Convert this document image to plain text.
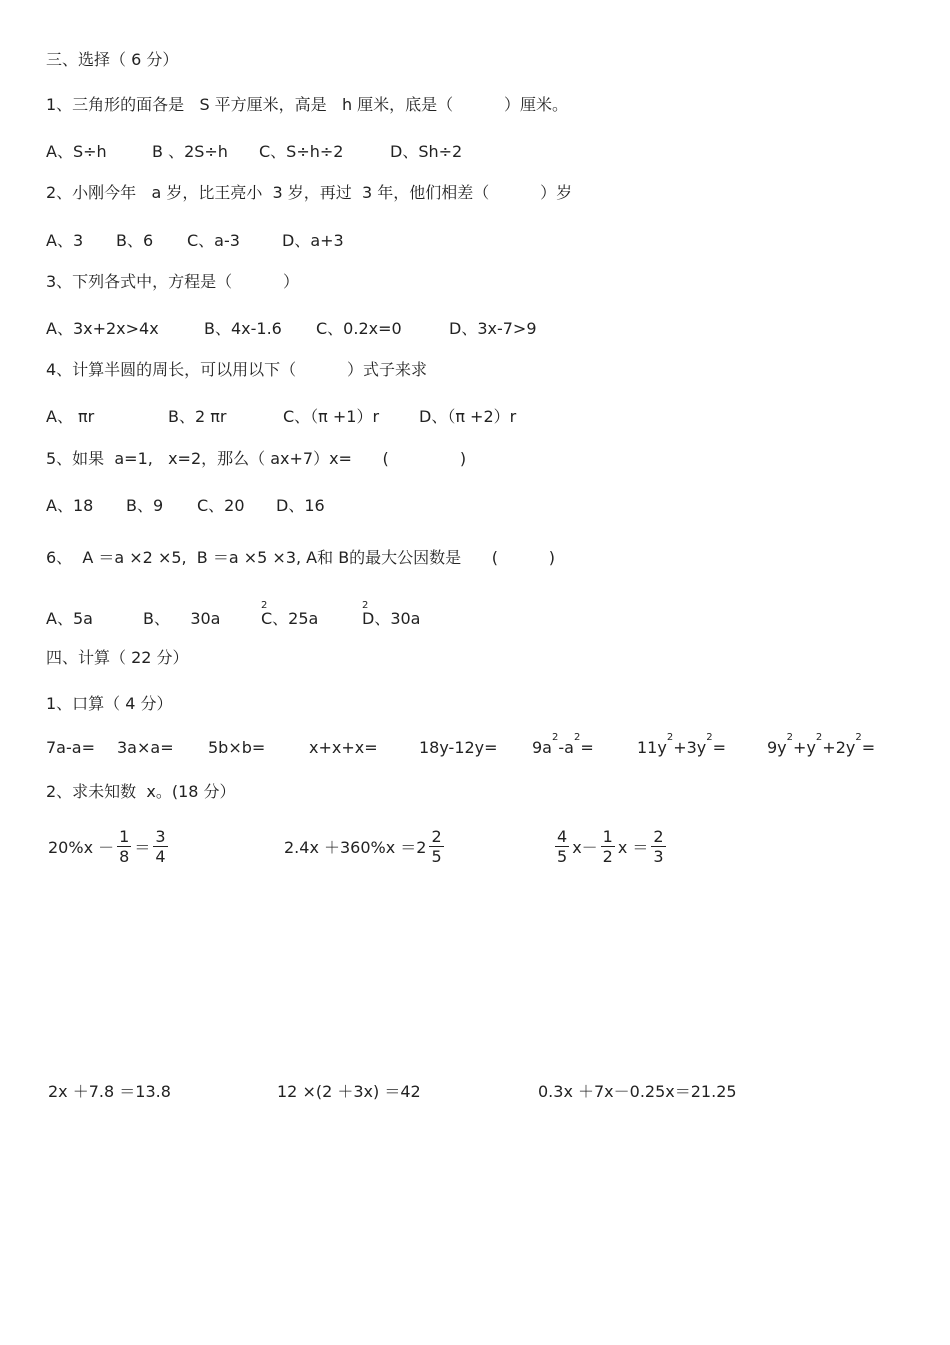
三、选择（ 6 分）
1、三角形的面各是   S 平方厘米，高是   h 厘米，底是（          ）厘米。
A、S÷h	B 、2S÷h C、S÷h÷2	D、Sh÷2
2、小刚今年   a 岁，比王亮小  3 岁，再过  3 年，他们相差（          ）岁
A、3 B、6 C、a-3	D、a+3
3、下列各式中，方程是（          ）
A、3x+2x>4x	B、4x-1.6 C、0.2x=0	D、3x-7>9
4、计算半圆的周长，可以用以下（          ）式子来求
A、 πr	B、2 πr	C、（π +1）r D、（π +2）r
5、如果  a=1,   x=2，那么（ ax+7）x=      (              )
A、18 B、9 C、20 D、16
6、  A ＝a ×2 ×5,  B ＝a ×5 ×3, A和 B的最大公因数是      (          )
A、5a	B、    30a	C、25a
$^2$
D、30a
$^2$
四、计算（ 22 分）
1、口算（ 4 分）
7a-a= 3a×a= 5b×b=	x+x+x=	$18y-12y= 9a^2-a^2=$	$11y^2+3y^2=$	$9y^2+y^2+2y^2=$
2、求未知数  x。(18 分）
$20\%x - \frac{1}{8} = \frac{3}{4}$	$2.4x +360\%x =2 \frac{2}{5}$	$\frac{4}{5} x- \frac{1}{2}$ $x = \frac{2}{3}$
2x ＋7.8 ＝13.8	12 ×(2 ＋3x) ＝42	0.3x ＋7x－0.25x＝21.25
